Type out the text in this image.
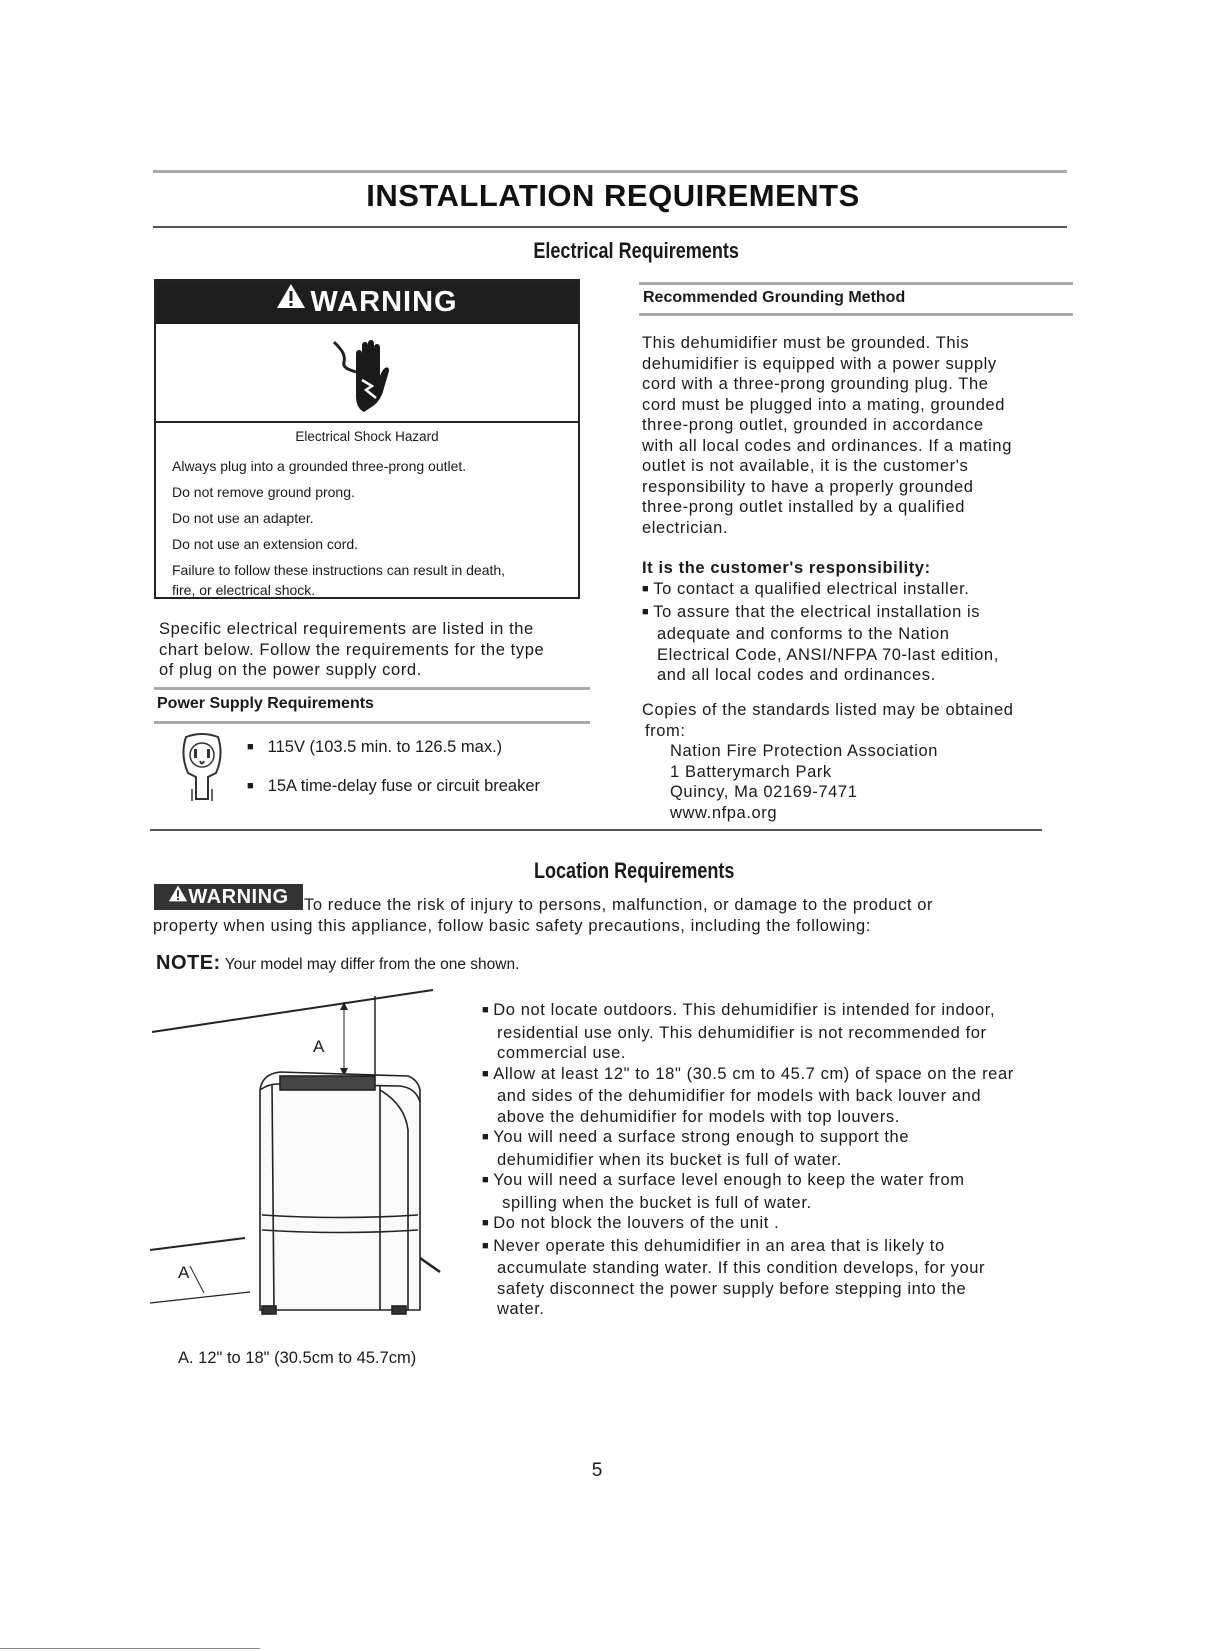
INSTALLATION REQUIREMENTS
Electrical Requirements
WARNING
Electrical Shock Hazard
Always plug into a grounded three-prong outlet.
Do not remove ground prong.
Do not use an adapter.
Do not use an extension cord.
Failure to follow these instructions can result in death,
fire, or electrical shock.
Specific electrical requirements are listed in the
chart below. Follow the requirements for the type
of plug on the power supply cord.
Power Supply Requirements
■ 115V (103.5 min. to 126.5 max.)
■ 15A time-delay fuse or circuit breaker
Recommended Grounding Method
This dehumidifier must be grounded. This
dehumidifier is equipped with a power supply
cord with a three-prong grounding plug. The
cord must be plugged into a mating, grounded
three-prong outlet, grounded in accordance
with all local codes and ordinances. If a mating
outlet is not available, it is the customer's
responsibility to have a properly grounded
three-prong outlet installed by a qualified
electrician.
It is the customer's responsibility:
■ To contact a qualified electrical installer.
■ To assure that the electrical installation is
adequate and conforms to the Nation
Electrical Code, ANSI/NFPA 70-last edition,
and all local codes and ordinances.
Copies of the standards listed may be obtained
from:
Nation Fire Protection Association
1 Batterymarch Park
Quincy, Ma 02169-7471
www.nfpa.org
Location Requirements
WARNING To reduce the risk of injury to persons, malfunction, or damage to the product or
property when using this appliance, follow basic safety precautions, including the following:
NOTE: Your model may differ from the one shown.
A
A
A. 12" to 18" (30.5cm to 45.7cm)
■ Do not locate outdoors. This dehumidifier is intended for indoor,
residential use only. This dehumidifier is not recommended for
commercial use.
■ Allow at least 12" to 18" (30.5 cm to 45.7 cm) of space on the rear
and sides of the dehumidifier for models with back louver and
above the dehumidifier for models with top louvers.
■ You will need a surface strong enough to support the
dehumidifier when its bucket is full of water.
■ You will need a surface level enough to keep the water from
spilling when the bucket is full of water.
■ Do not block the louvers of the unit .
■ Never operate this dehumidifier in an area that is likely to
accumulate standing water. If this condition develops, for your
safety disconnect the power supply before stepping into the
water.
5
